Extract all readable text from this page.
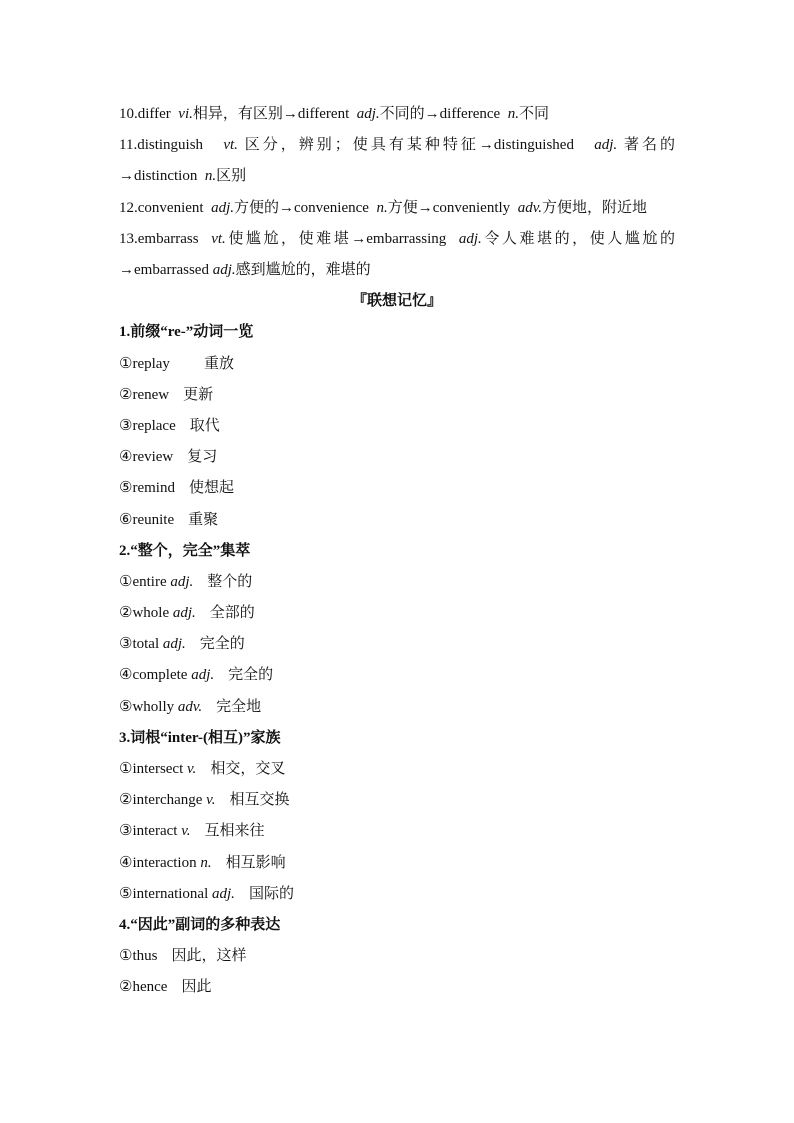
10.differ  vi.相异，有区别→different  adj.不同的→difference  n.不同
11.distinguish   vt. 区分，辨别；使具有某种特征→distinguished   adj. 著名的→distinction  n.区别
12.convenient  adj.方便的→convenience  n.方便→conveniently  adv.方便地，附近地
13.embarrass  vt.使尴尬，使难堪→embarrassing  adj.令人难堪的，使人尴尬的→embarrassed adj.感到尴尬的，难堪的
『联想记忆』
1.前缀“re-”动词一览
①replay 重放
②renew 更新
③replace 取代
④review 复习
⑤remind 使想起
⑥reunite 重聚
2.“整个，完全”集萃
①entire adj. 整个的
②whole adj. 全部的
③total adj. 完全的
④complete adj. 完全的
⑤wholly adv. 完全地
3.词根“inter-(相互)”家族
①intersect v. 相交，交叉
②interchange v. 相互交换
③interact v. 互相来往
④interaction n. 相互影响
⑤international adj. 国际的
4.“因此”副词的多种表达
①thus 因此，这样
②hence 因此
